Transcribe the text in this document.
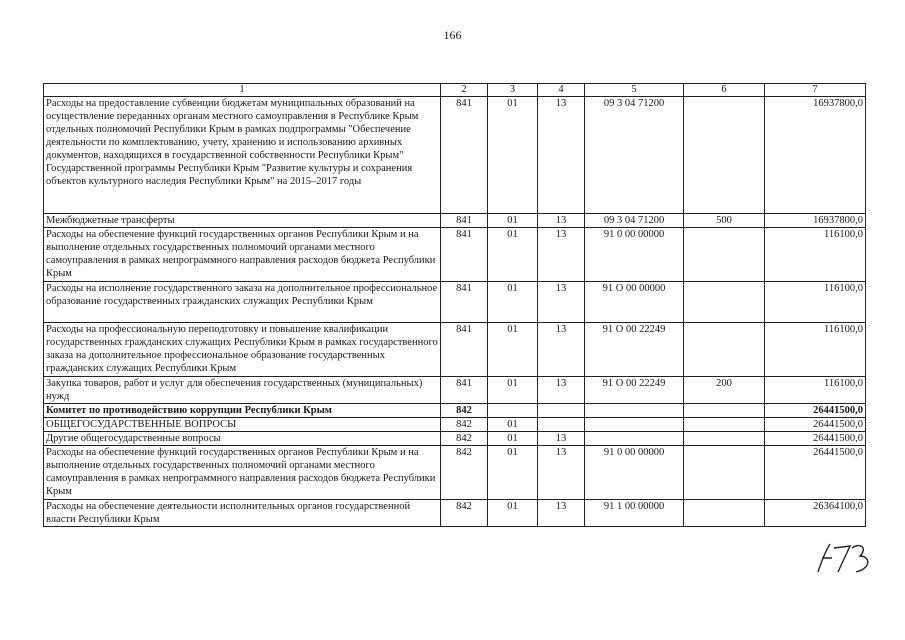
166
1	2	3	4	5	6	7
Расходы на предоставление субвенции бюджетам муниципальных образований на осуществление переданных органам местного самоуправления в Республике Крым отдельных полномочий Республики Крым в рамках подпрограммы "Обеспечение деятельности по комплектованию, учету, хранению и использованию архивных документов, находящихся в государственной собственности Республики Крым" Государственной программы Республики Крым "Развитие культуры и сохранения объектов культурного наследия Республики Крым" на 2015–2017 годы	841	01	13	09 3 04 71200		16937800,0
Межбюджетные трансферты	841	01	13	09 3 04 71200	500	16937800,0
Расходы на обеспечение функций государственных органов Республики Крым и на выполнение отдельных государственных полномочий органами местного самоуправления в рамках непрограммного направления расходов бюджета Республики Крым	841	01	13	91 0 00 00000		116100,0
Расходы на исполнение государственного заказа на дополнительное профессиональное образование государственных гражданских служащих Республики Крым	841	01	13	91 О 00 00000		116100,0
Расходы на профессиональную переподготовку и повышение квалификации государственных гражданских служащих Республики Крым в рамках государственного заказа на дополнительное профессиональное образование государственных гражданских служащих Республики Крым	841	01	13	91 О 00 22249		116100,0
Закупка товаров, работ и услуг для обеспечения государственных (муниципальных) нужд	841	01	13	91 О 00 22249	200	116100,0
Комитет по противодействию коррупции Республики Крым	842					26441500,0
ОБЩЕГОСУДАРСТВЕННЫЕ ВОПРОСЫ	842	01				26441500,0
Другие общегосударственные вопросы	842	01	13			26441500,0
Расходы на обеспечение функций государственных органов Республики Крым и на выполнение отдельных государственных полномочий органами местного самоуправления в рамках непрограммного направления расходов бюджета Республики Крым	842	01	13	91 0 00 00000		26441500,0
Расходы на обеспечение деятельности исполнительных органов государственной власти Республики Крым	842	01	13	91 1 00 00000		26364100,0
